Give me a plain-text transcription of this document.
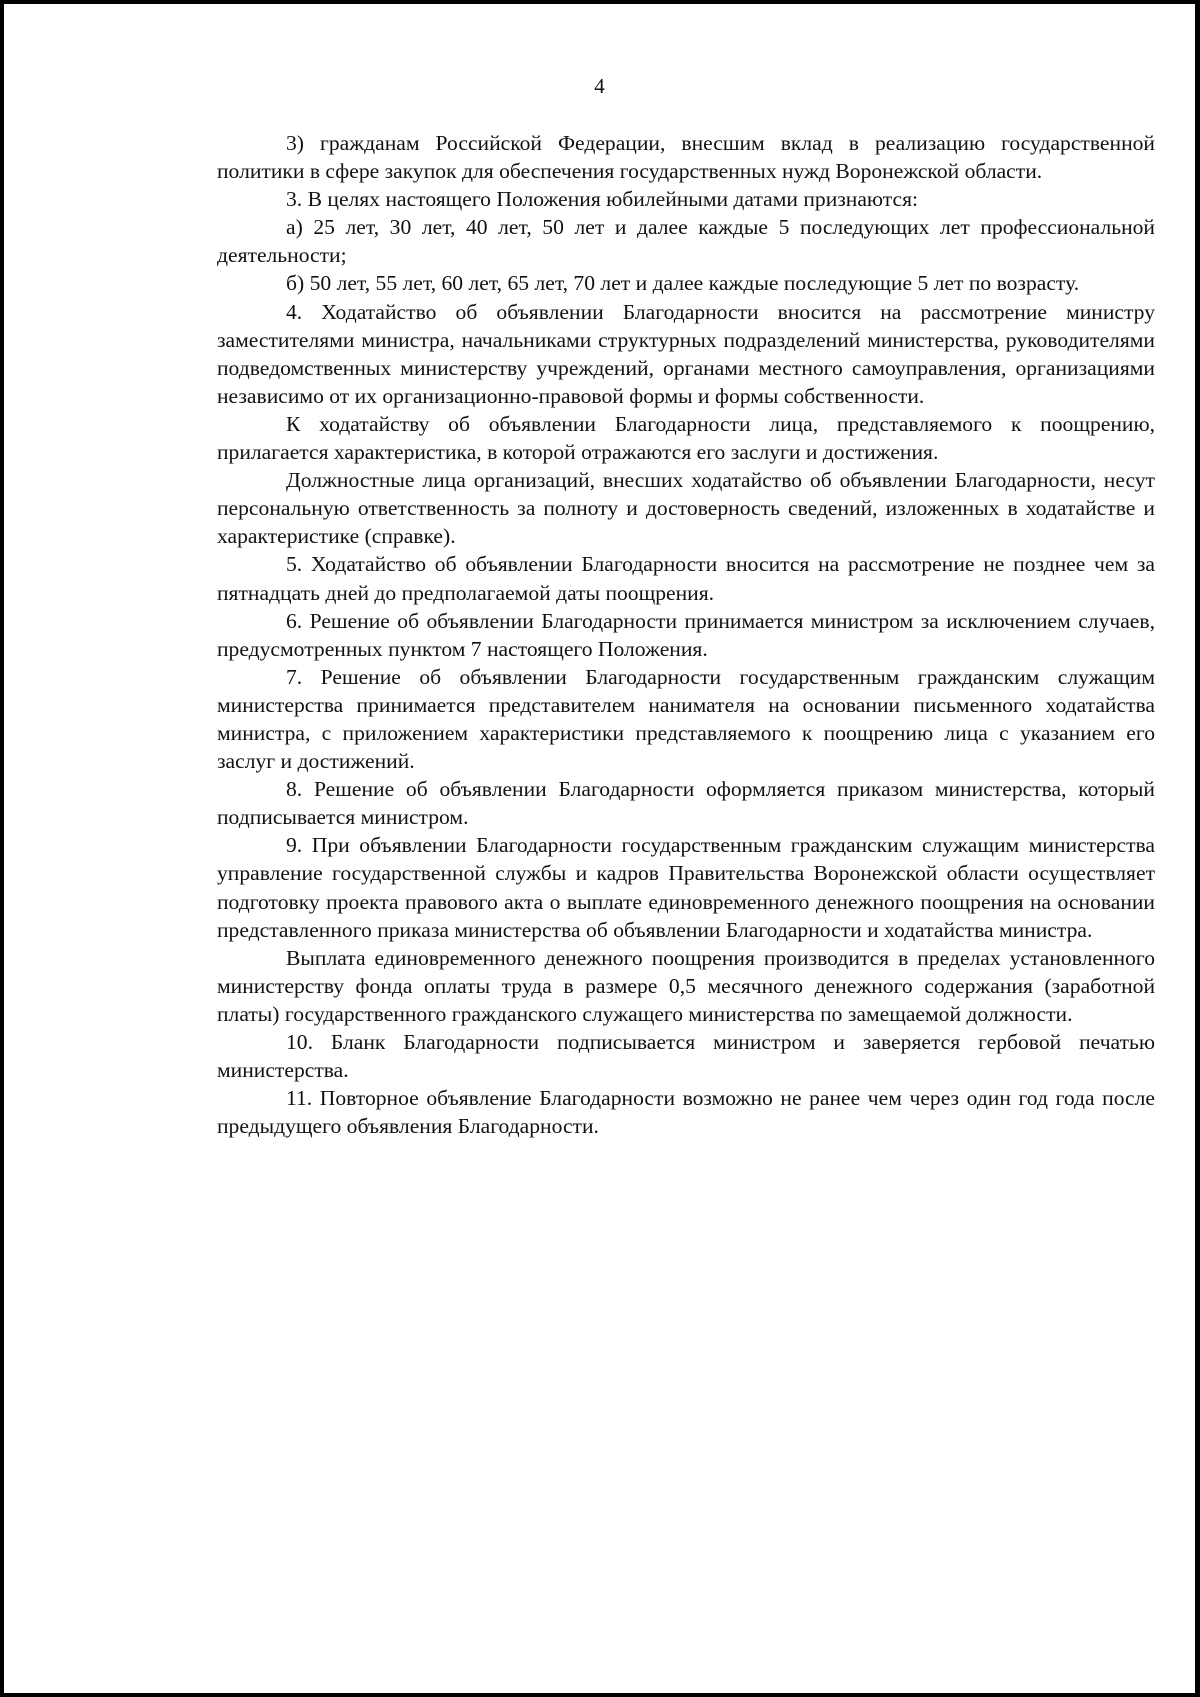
4

3) гражданам Российской Федерации, внесшим вклад в реализацию государственной политики в сфере закупок для обеспечения государственных нужд Воронежской области.

3. В целях настоящего Положения юбилейными датами признаются:

а) 25 лет, 30 лет, 40 лет, 50 лет и далее каждые 5 последующих лет профессиональной деятельности;

б) 50 лет, 55 лет, 60 лет, 65 лет, 70 лет и далее каждые последующие 5 лет по возрасту.

4. Ходатайство об объявлении Благодарности вносится на рассмотрение министру заместителями министра, начальниками структурных подразделений министерства, руководителями подведомственных министерству учреждений, органами местного самоуправления, организациями независимо от их организационно-правовой формы и формы собственности.

К ходатайству об объявлении Благодарности лица, представляемого к поощрению, прилагается характеристика, в которой отражаются его заслуги и достижения.

Должностные лица организаций, внесших ходатайство об объявлении Благодарности, несут персональную ответственность за полноту и достоверность сведений, изложенных в ходатайстве и характеристике (справке).

5. Ходатайство об объявлении Благодарности вносится на рассмотрение не позднее чем за пятнадцать дней до предполагаемой даты поощрения.

6. Решение об объявлении Благодарности принимается министром за исключением случаев, предусмотренных пунктом 7 настоящего Положения.

7. Решение об объявлении Благодарности государственным гражданским служащим министерства принимается представителем нанимателя на основании письменного ходатайства министра, с приложением характеристики представляемого к поощрению лица с указанием его заслуг и достижений.

8. Решение об объявлении Благодарности оформляется приказом министерства, который подписывается министром.

9. При объявлении Благодарности государственным гражданским служащим министерства управление государственной службы и кадров Правительства Воронежской области осуществляет подготовку проекта правового акта о выплате единовременного денежного поощрения на основании представленного приказа министерства об объявлении Благодарности и ходатайства министра.

Выплата единовременного денежного поощрения производится в пределах установленного министерству фонда оплаты труда в размере 0,5 месячного денежного содержания (заработной платы) государственного гражданского служащего министерства по замещаемой должности.

10. Бланк Благодарности подписывается министром и заверяется гербовой печатью министерства.

11. Повторное объявление Благодарности возможно не ранее чем через один год года после предыдущего объявления Благодарности.
